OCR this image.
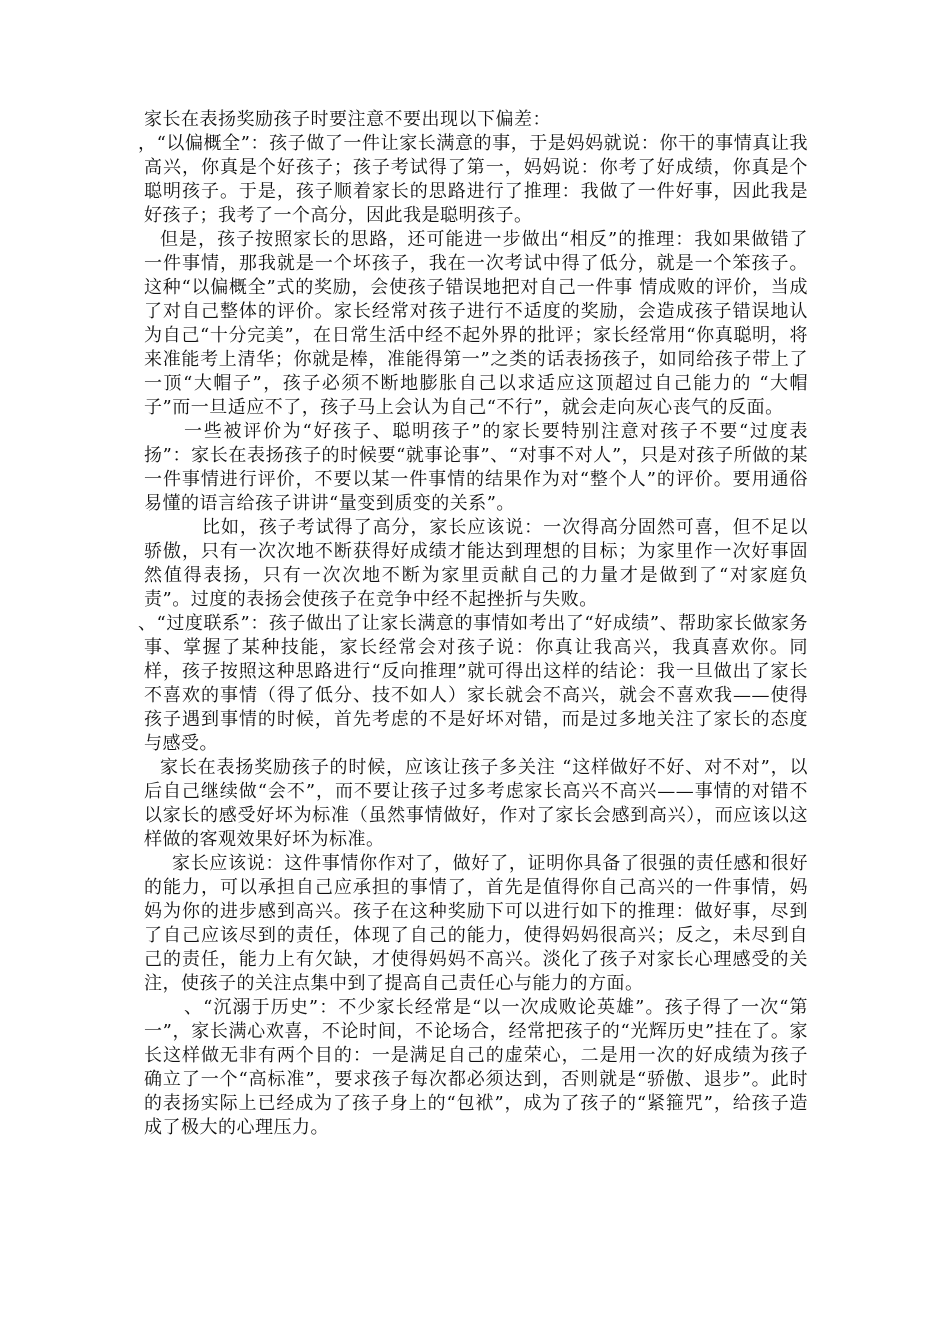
家长在表扬奖励孩子时要注意不要出现以下偏差：

，“以偏概全”：孩子做了一件让家长满意的事，于是妈妈就说：你干的事情真让我高兴，你真是个好孩子；孩子考试得了第一，妈妈说：你考了好成绩，你真是个聪明孩子。于是，孩子顺着家长的思路进行了推理：我做了一件好事，因此我是好孩子；我考了一个高分，因此我是聪明孩子。

但是，孩子按照家长的思路，还可能进一步做出“相反”的推理：我如果做错了一件事情，那我就是一个坏孩子，我在一次考试中得了低分，就是一个笨孩子。这种“以偏概全”式的奖励，会使孩子错误地把对自己一件事 情成败的评价，当成了对自己整体的评价。家长经常对孩子进行不适度的奖励，会造成孩子错误地认为自己“十分完美”，在日常生活中经不起外界的批评；家长经常用“你真聪明，将来准能考上清华；你就是棒，准能得第一”之类的话表扬孩子，如同给孩子带上了一顶“大帽子”，孩子必须不断地膨胀自己以求适应这顶超过自己能力的 “大帽子”而一旦适应不了，孩子马上会认为自己“不行”，就会走向灰心丧气的反面。

一些被评价为“好孩子、聪明孩子”的家长要特别注意对孩子不要“过度表扬”：家长在表扬孩子的时候要“就事论事”、“对事不对人”，只是对孩子所做的某一件事情进行评价，不要以某一件事情的结果作为对“整个人”的评价。要用通俗易懂的语言给孩子讲讲“量变到质变的关系”。

比如，孩子考试得了高分，家长应该说：一次得高分固然可喜，但不足以骄傲，只有一次次地不断获得好成绩才能达到理想的目标；为家里作一次好事固然值得表扬，只有一次次地不断为家里贡献自己的力量才是做到了“对家庭负责”。过度的表扬会使孩子在竞争中经不起挫折与失败。

、“过度联系”：孩子做出了让家长满意的事情如考出了“好成绩”、帮助家长做家务事、掌握了某种技能，家长经常会对孩子说：你真让我高兴，我真喜欢你。同样，孩子按照这种思路进行“反向推理”就可得出这样的结论：我一旦做出了家长不喜欢的事情（得了低分、技不如人）家长就会不高兴，就会不喜欢我——使得孩子遇到事情的时候，首先考虑的不是好坏对错，而是过多地关注了家长的态度与感受。

家长在表扬奖励孩子的时候，应该让孩子多关注 “这样做好不好、对不对”，以后自己继续做“会不”，而不要让孩子过多考虑家长高兴不高兴——事情的对错不以家长的感受好坏为标准（虽然事情做好，作对了家长会感到高兴），而应该以这样做的客观效果好坏为标准。

家长应该说：这件事情你作对了，做好了，证明你具备了很强的责任感和很好的能力，可以承担自己应承担的事情了，首先是值得你自己高兴的一件事情，妈妈为你的进步感到高兴。孩子在这种奖励下可以进行如下的推理：做好事，尽到了自己应该尽到的责任，体现了自己的能力，使得妈妈很高兴；反之，未尽到自己的责任，能力上有欠缺，才使得妈妈不高兴。淡化了孩子对家长心理感受的关注，使孩子的关注点集中到了提高自己责任心与能力的方面。

、“沉溺于历史”：不少家长经常是“以一次成败论英雄”。孩子得了一次“第一”，家长满心欢喜，不论时间，不论场合，经常把孩子的“光辉历史”挂在了。家长这样做无非有两个目的：一是满足自己的虚荣心，二是用一次的好成绩为孩子确立了一个“高标准”，要求孩子每次都必须达到，否则就是“骄傲、退步”。此时的表扬实际上已经成为了孩子身上的“包袱”，成为了孩子的“紧箍咒”，给孩子造成了极大的心理压力。
